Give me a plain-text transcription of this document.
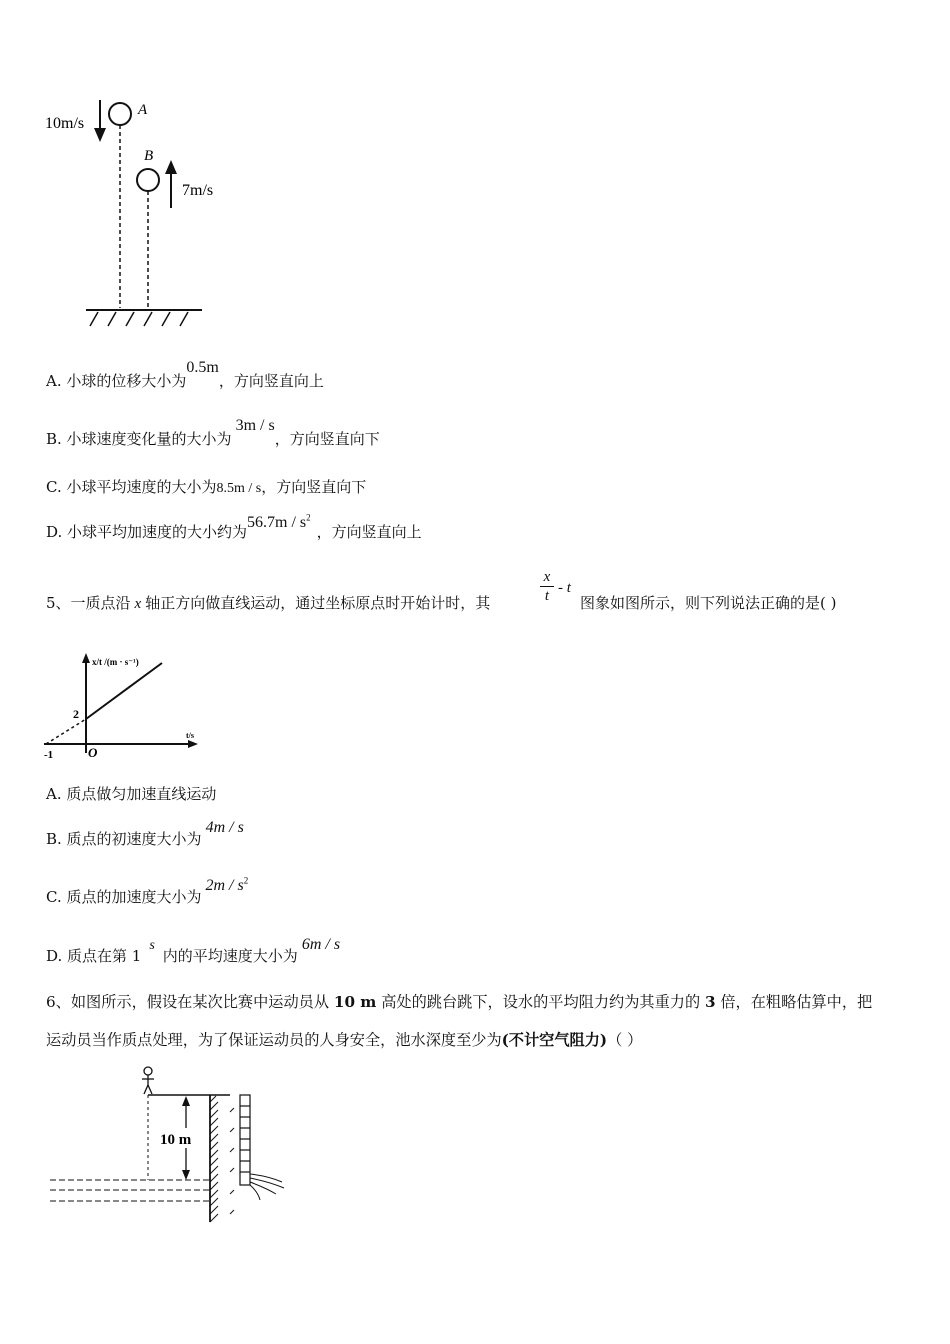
10m/s
A
B
7m/s
A. 小球的位移大小为0.5m，方向竖直向上
B. 小球速度变化量的大小为3m / s，方向竖直向下
C. 小球平均速度的大小为8.5m / s，方向竖直向下
D. 小球平均加速度的大小约为$56.7m / s^2$，方向竖直向上
5、一质点沿 x 轴正方向做直线运动，通过坐标原点时开始计时，其
x
t - t
图象如图所示，则下列说法正确的是( )
x/t /(m · s⁻¹)
t/s
2
-1	O
A. 质点做匀加速直线运动
B. 质点的初速度大小为4m / s
C. 质点的加速度大小为$2m / s^2$
D. 质点在第 1s内的平均速度大小为6m / s
6、如图所示，假设在某次比赛中运动员从 10 m 高处的跳台跳下，设水的平均阻力约为其重力的 3 倍，在粗略估算中，把
运动员当作质点处理，为了保证运动员的人身安全，池水深度至少为(不计空气阻力)（ ）
10 m
